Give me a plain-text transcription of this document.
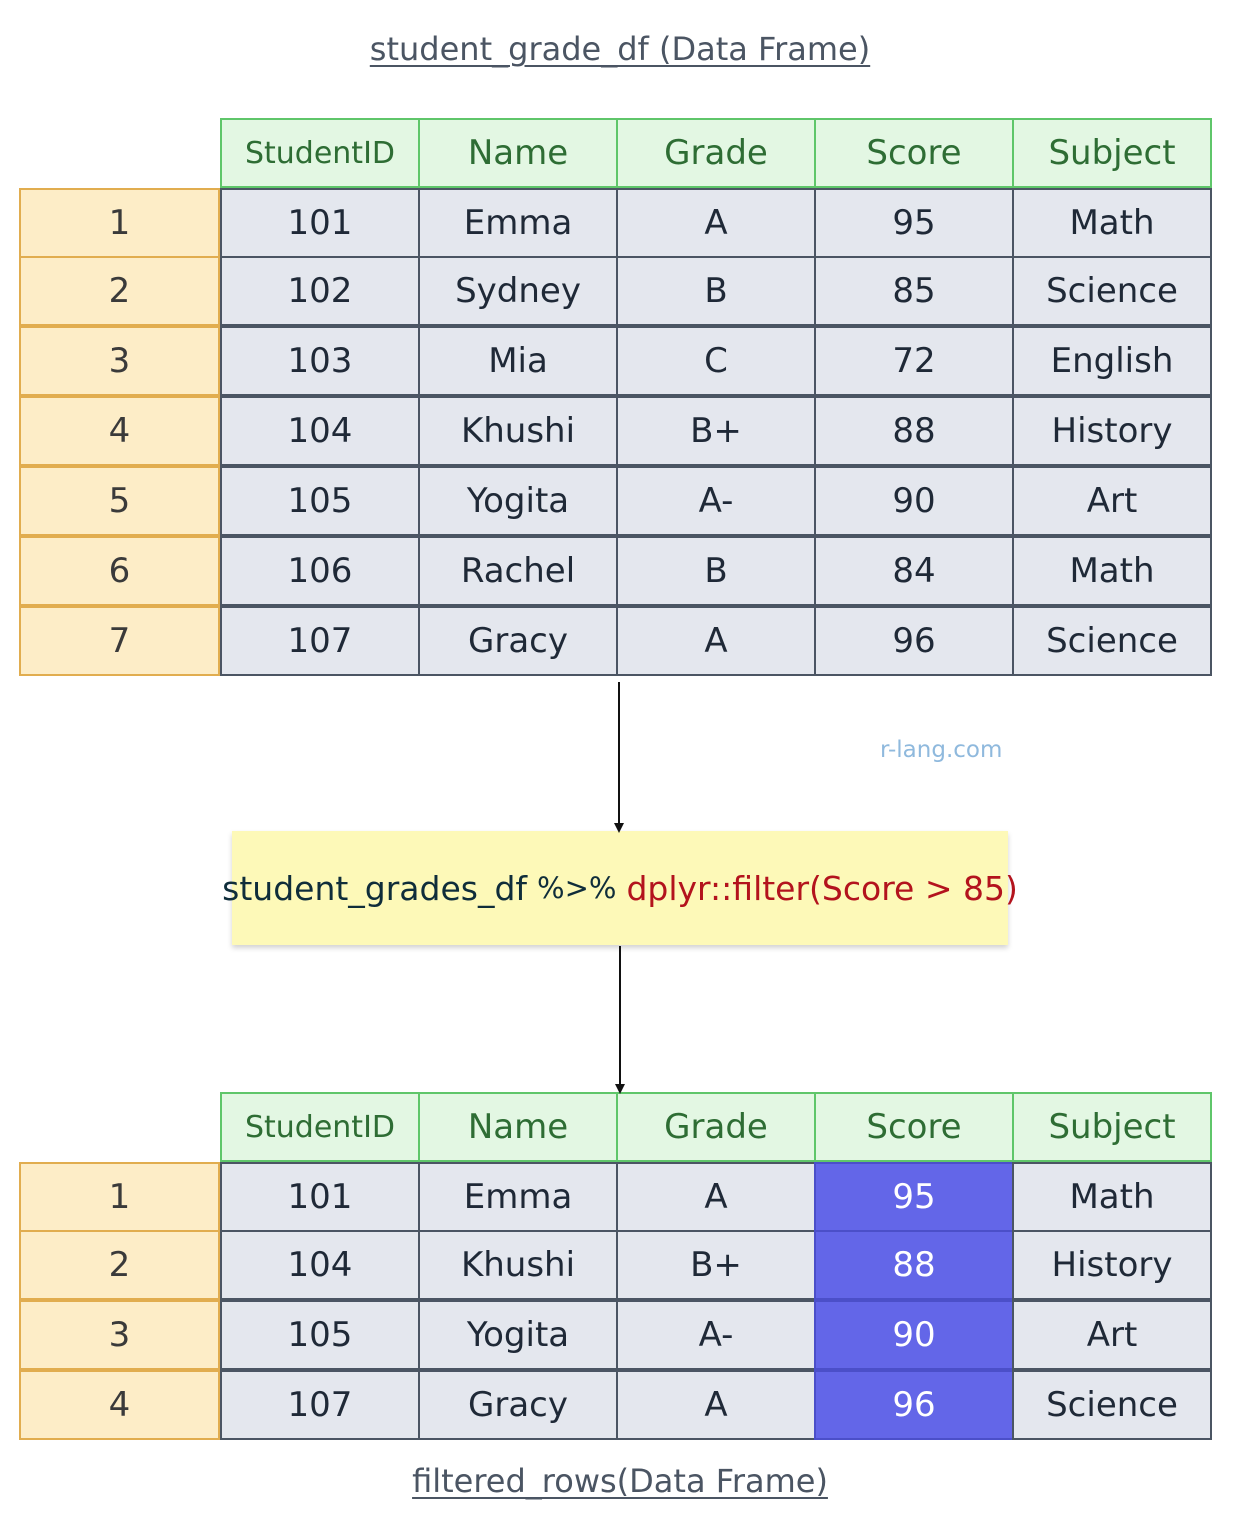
student_grade_df (Data Frame)
StudentID	Name	Grade	Score	Subject
1	101	Emma	A	95	Math
2	102	Sydney	B	85	Science
3	103	Mia	C	72	English
4	104	Khushi	B+	88	History
5	105	Yogita	A-	90	Art
6	106	Rachel	B	84	Math
7	107	Gracy	A	96	Science
r-lang.com
student_grades_df %>% dplyr::filter(Score > 85)
StudentID	Name	Grade	Score	Subject
1	101	Emma	A	95	Math
2	104	Khushi	B+	88	History
3	105	Yogita	A-	90	Art
4	107	Gracy	A	96	Science
filtered_rows(Data Frame)
